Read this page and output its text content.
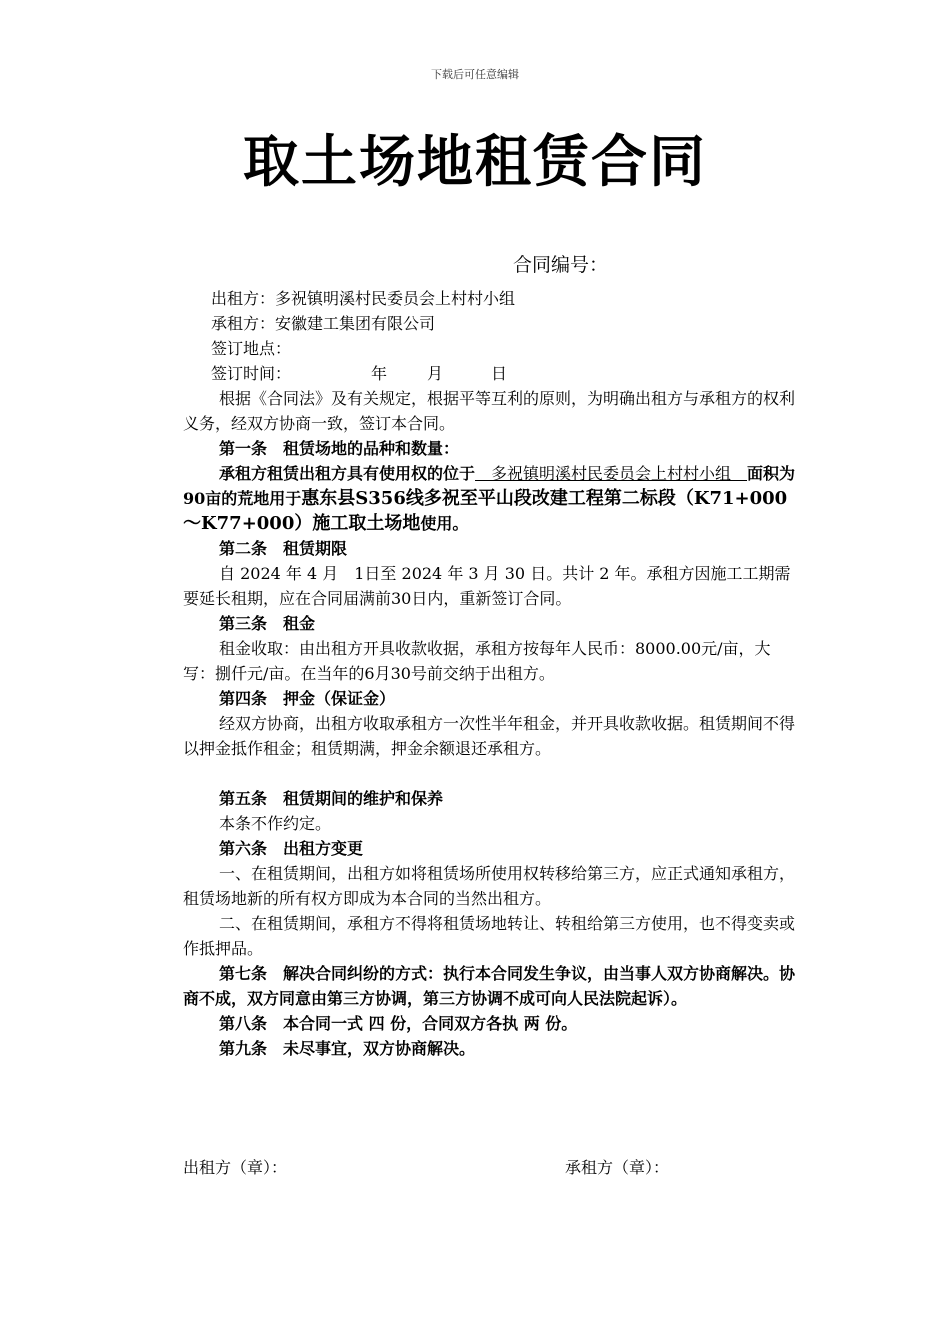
下载后可任意编辑
取土场地租赁合同
合同编号：

出租方：多祝镇明溪村民委员会上村村小组

承租方：安徽建工集团有限公司

签订地点：

签订时间：	年	月	日

根据《合同法》及有关规定，根据平等互利的原则，为明确出租方与承租方的权利义务，经双方协商一致，签订本合同。

第一条　租赁场地的品种和数量：

承租方租赁出租方具有使用权的位于　多祝镇明溪村民委员会上村村小组　面积为90亩的荒地用于惠东县S356线多祝至平山段改建工程第二标段（K71+000～K77+000）施工取土场地使用。

第二条　租赁期限

自 2024 年 4 月　1日至 2024 年 3 月 30 日。共计 2 年。承租方因施工工期需要延长租期，应在合同届满前30日内，重新签订合同。

第三条　租金

租金收取：由出租方开具收款收据，承租方按每年人民币：8000.00元/亩，大写：捌仟元/亩。在当年的6月30号前交纳于出租方。

第四条　押金（保证金）

经双方协商，出租方收取承租方一次性半年租金，并开具收款收据。租赁期间不得以押金抵作租金；租赁期满，押金余额退还承租方。

第五条　租赁期间的维护和保养

本条不作约定。

第六条　出租方变更

一、在租赁期间，出租方如将租赁场所使用权转移给第三方，应正式通知承租方，租赁场地新的所有权方即成为本合同的当然出租方。

二、在租赁期间，承租方不得将租赁场地转让、转租给第三方使用，也不得变卖或作抵押品。

第七条　解决合同纠纷的方式：执行本合同发生争议，由当事人双方协商解决。协商不成，双方同意由第三方协调，第三方协调不成可向人民法院起诉）。

第八条　本合同一式 四 份，合同双方各执 两 份。

第九条　未尽事宜，双方协商解决。

出租方（章）：	承租方（章）：
